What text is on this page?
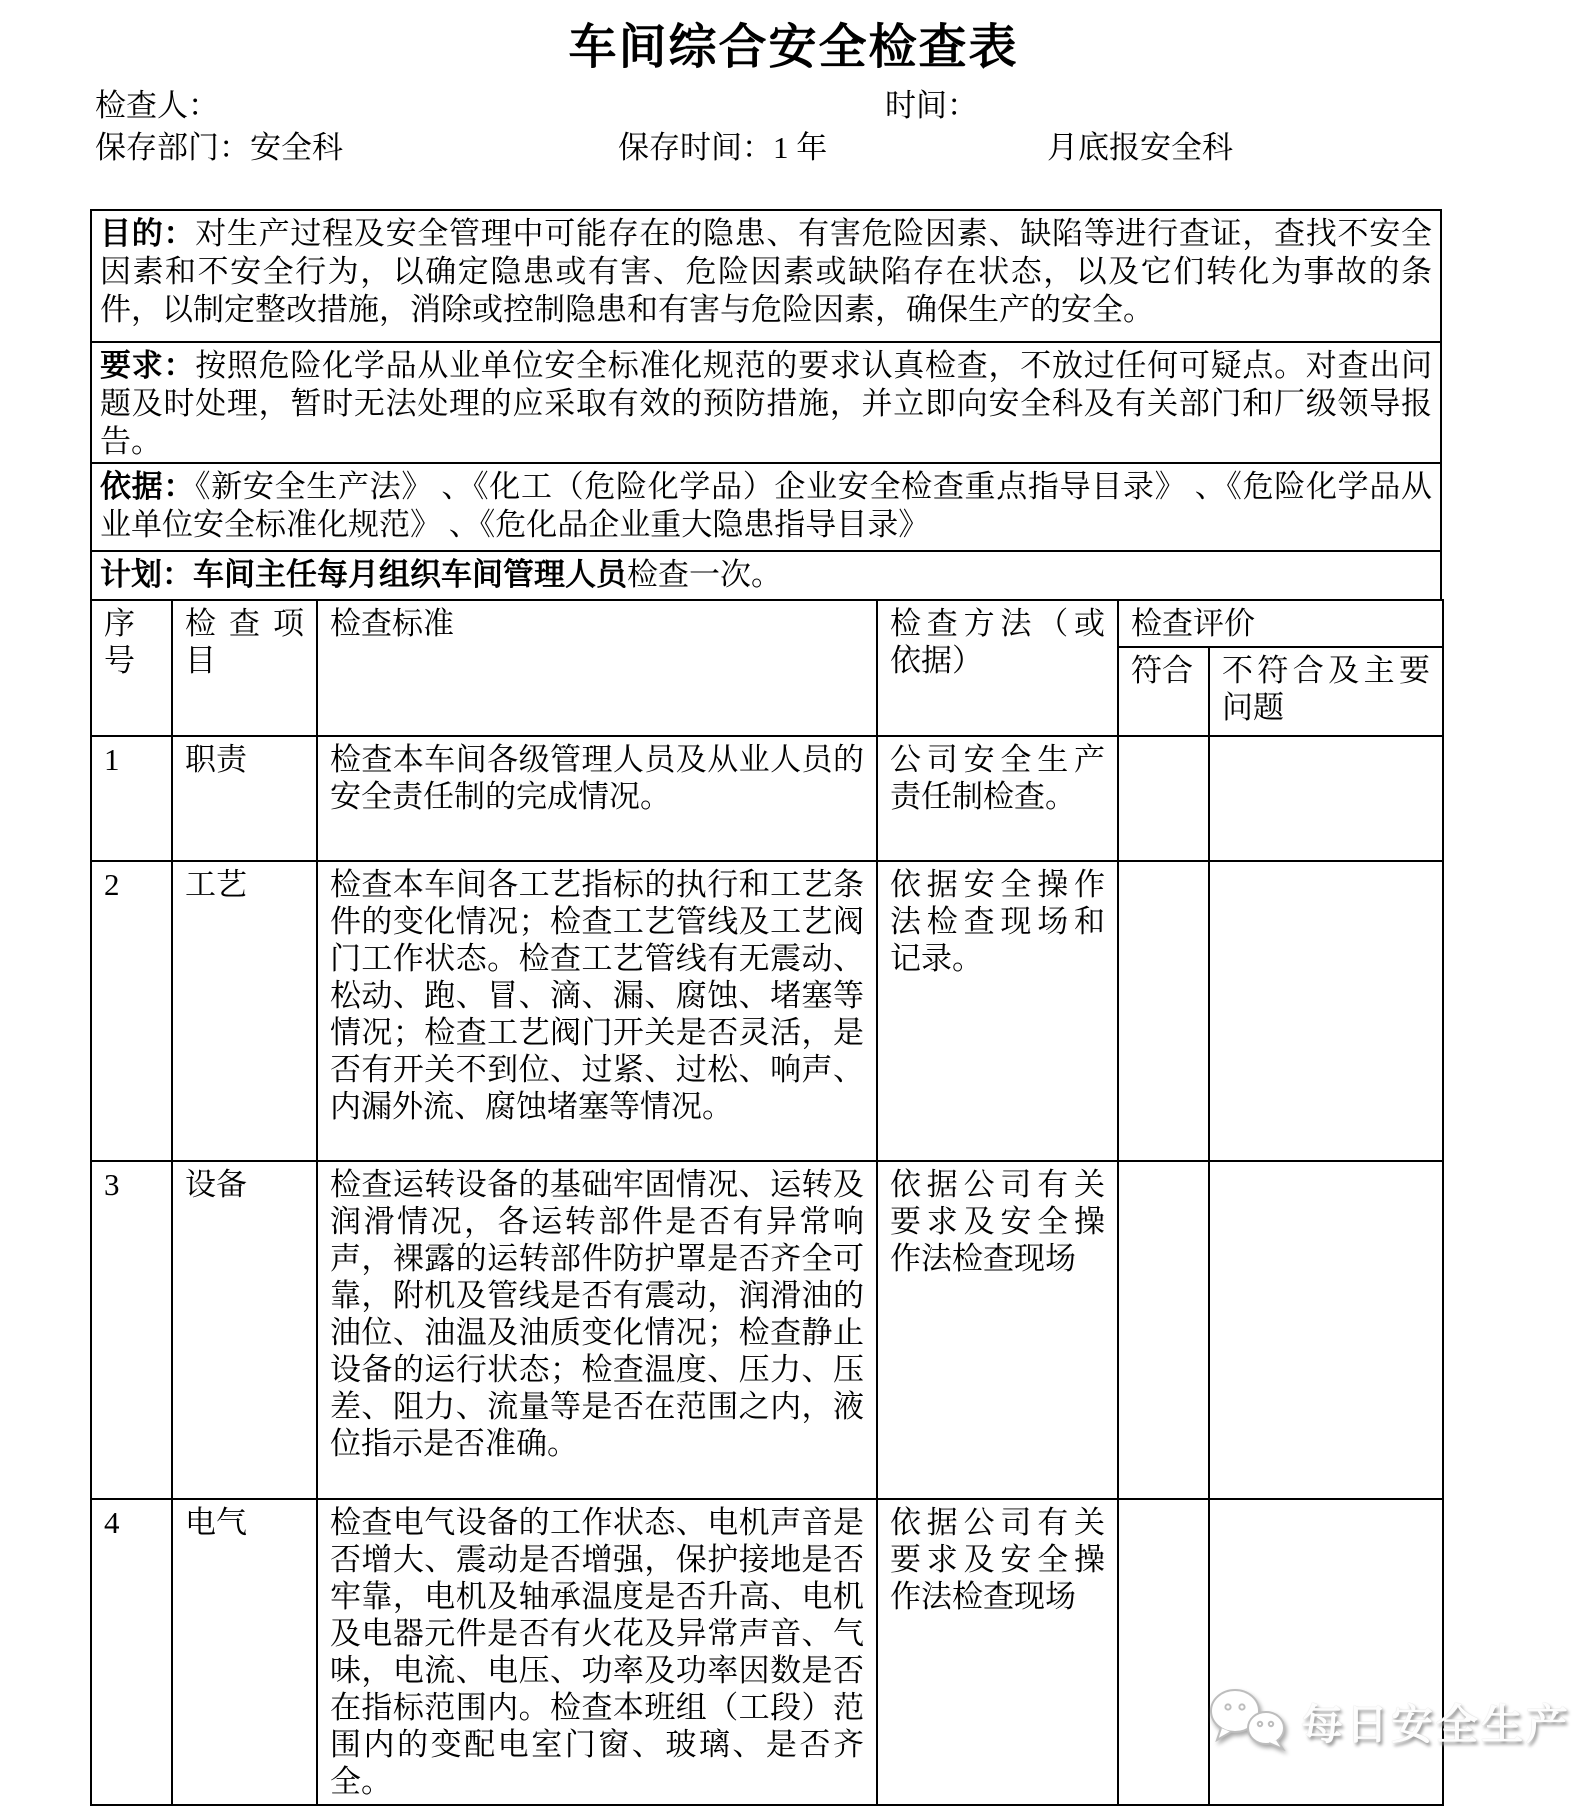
车间综合安全检查表
检查人：	时间：
保存部门：安全科	保存时间：1 年	月底报安全科
目的：对生产过程及安全管理中可能存在的隐患、有害危险因素、缺陷等进行查证，查找不安全因素和不安全行为，以确定隐患或有害、危险因素或缺陷存在状态，以及它们转化为事故的条件，以制定整改措施，消除或控制隐患和有害与危险因素，确保生产的安全。
要求：按照危险化学品从业单位安全标准化规范的要求认真检查，不放过任何可疑点。对查出问题及时处理，暂时无法处理的应采取有效的预防措施，并立即向安全科及有关部门和厂级领导报告。
依据：《新安全生产法》 、《化工（危险化学品）企业安全检查重点指导目录》 、《危险化学品从业单位安全标准化规范》 、《危化品企业重大隐患指导目录》
计划：车间主任每月组织车间管理人员检查一次。
序号	检查项目	检查标准	检查方法（或依据）	检查评价	
				符合	不符合及主要问题
1	职责	检查本车间各级管理人员及从业人员的安全责任制的完成情况。	公司安全生产责任制检查。		
2	工艺	检查本车间各工艺指标的执行和工艺条件的变化情况；检查工艺管线及工艺阀门工作状态。检查工艺管线有无震动、松动、跑、冒、滴、漏、腐蚀、堵塞等情况；检查工艺阀门开关是否灵活，是否有开关不到位、过紧、过松、响声、内漏外流、腐蚀堵塞等情况。	依据安全操作法检查现场和记录。		
3	设备	检查运转设备的基础牢固情况、运转及润滑情况，各运转部件是否有异常响声，裸露的运转部件防护罩是否齐全可靠，附机及管线是否有震动，润滑油的油位、油温及油质变化情况；检查静止设备的运行状态；检查温度、压力、压差、阻力、流量等是否在范围之内，液位指示是否准确。	依据公司有关要求及安全操作法检查现场		
4	电气	检查电气设备的工作状态、电机声音是否增大、震动是否增强，保护接地是否牢靠，电机及轴承温度是否升高、电机及电器元件是否有火花及异常声音、气味，电流、电压、功率及功率因数是否在指标范围内。检查本班组（工段）范围内的变配电室门窗、玻璃、是否齐全。	依据公司有关要求及安全操作法检查现场		
每日安全生产
